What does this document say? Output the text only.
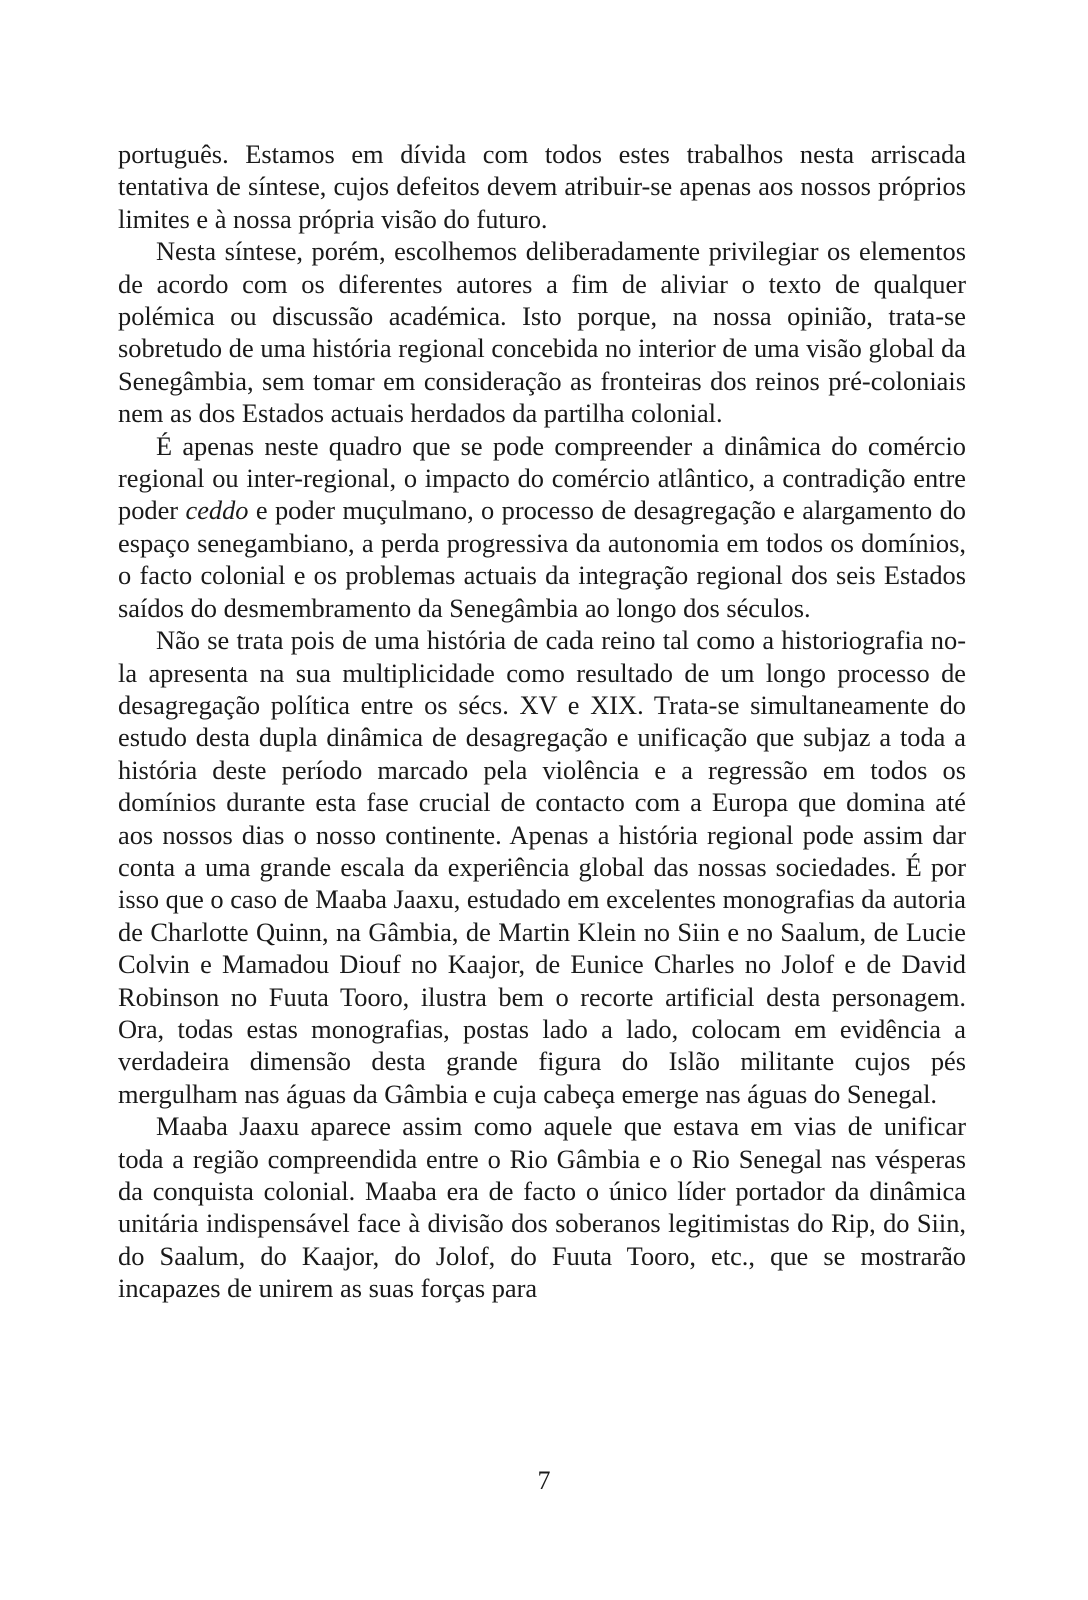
português. Estamos em dívida com todos estes trabalhos nesta arriscada tentativa de síntese, cujos defeitos devem atribuir-se apenas aos nossos próprios limites e à nossa própria visão do futuro.

Nesta síntese, porém, escolhemos deliberadamente privilegiar os elementos de acordo com os diferentes autores a fim de aliviar o texto de qualquer polémica ou discussão académica. Isto porque, na nossa opinião, trata-se sobretudo de uma história regional concebida no interior de uma visão global da Senegâmbia, sem tomar em consideração as fronteiras dos reinos pré-coloniais nem as dos Estados actuais herdados da partilha colonial.

É apenas neste quadro que se pode compreender a dinâmica do comércio regional ou inter-regional, o impacto do comércio atlântico, a contradição entre poder ceddo e poder muçulmano, o processo de desagregação e alargamento do espaço senegambiano, a perda progressiva da autonomia em todos os domínios, o facto colonial e os problemas actuais da integração regional dos seis Estados saídos do desmembramento da Senegâmbia ao longo dos séculos.

Não se trata pois de uma história de cada reino tal como a historiografia no-la apresenta na sua multiplicidade como resultado de um longo processo de desagregação política entre os sécs. XV e XIX. Trata-se simultaneamente do estudo desta dupla dinâmica de desagregação e unificação que subjaz a toda a história deste período marcado pela violência e a regressão em todos os domínios durante esta fase crucial de contacto com a Europa que domina até aos nossos dias o nosso continente. Apenas a história regional pode assim dar conta a uma grande escala da experiência global das nossas sociedades. É por isso que o caso de Maaba Jaaxu, estudado em excelentes monografias da autoria de Charlotte Quinn, na Gâmbia, de Martin Klein no Siin e no Saalum, de Lucie Colvin e Mamadou Diouf no Kaajor, de Eunice Charles no Jolof e de David Robinson no Fuuta Tooro, ilustra bem o recorte artificial desta personagem. Ora, todas estas monografias, postas lado a lado, colocam em evidência a verdadeira dimensão desta grande figura do Islão militante cujos pés mergulham nas águas da Gâmbia e cuja cabeça emerge nas águas do Senegal.

Maaba Jaaxu aparece assim como aquele que estava em vias de unificar toda a região compreendida entre o Rio Gâmbia e o Rio Senegal nas vésperas da conquista colonial. Maaba era de facto o único líder portador da dinâmica unitária indispensável face à divisão dos soberanos legitimistas do Rip, do Siin, do Saalum, do Kaajor, do Jolof, do Fuuta Tooro, etc., que se mostrarão incapazes de unirem as suas forças para

7
